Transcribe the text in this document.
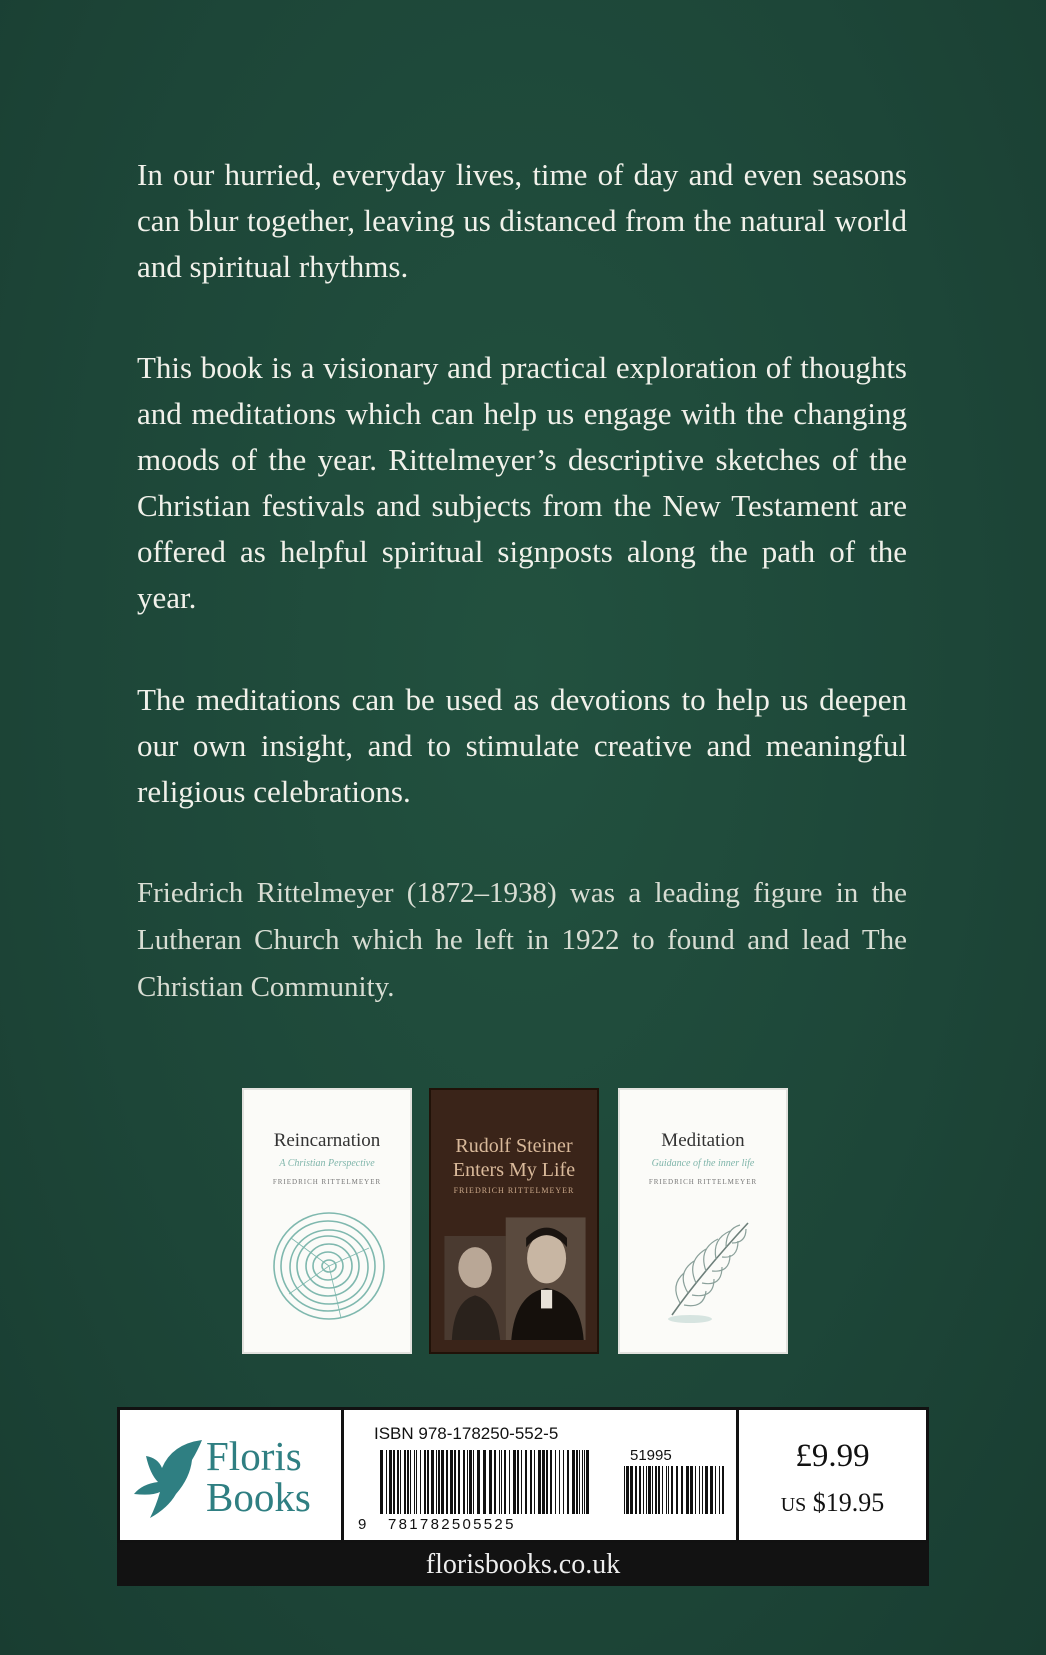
In our hurried, everyday lives, time of day and even seasons can blur together, leaving us distanced from the natural world and spiritual rhythms.

This book is a visionary and practical exploration of thoughts and meditations which can help us engage with the changing moods of the year. Rittelmeyer’s descriptive sketches of the Christian festivals and subjects from the New Testament are offered as helpful spiritual signposts along the path of the year.

The meditations can be used as devotions to help us deepen our own insight, and to stimulate creative and meaningful religious celebrations.

Friedrich Rittelmeyer (1872–1938) was a leading figure in the Lutheran Church which he left in 1922 to found and lead The Christian Community.

Reincarnation
A Christian Perspective
FRIEDRICH RITTELMEYER
Rudolf Steiner
Enters My Life
FRIEDRICH RITTELMEYER
Meditation
Guidance of the inner life
FRIEDRICH RITTELMEYER
Floris
Books
ISBN 978-178250-552-5
9 781782505525
51995	£9.99
US $19.95
florisbooks.co.uk
